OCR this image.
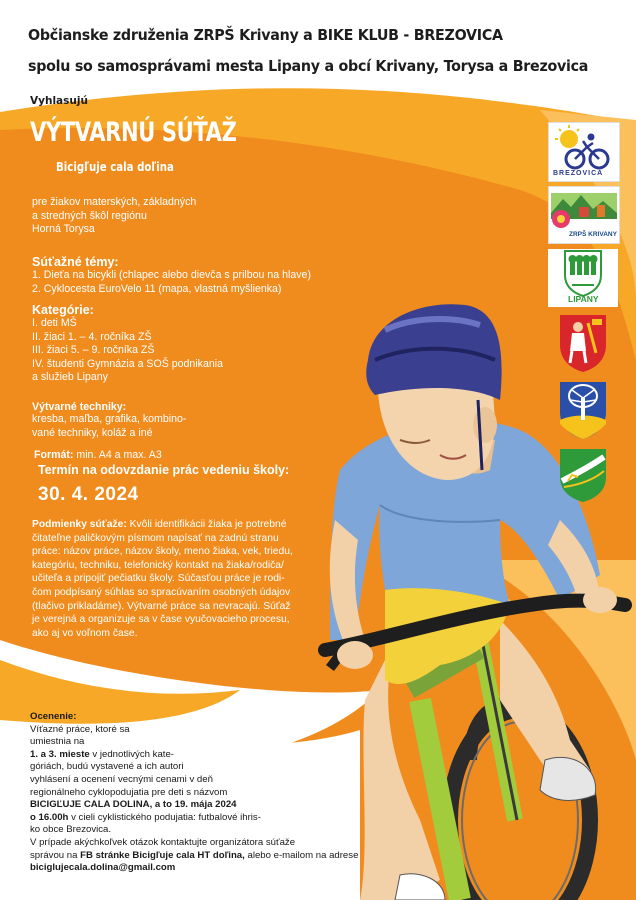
Občianske združenia ZRPŠ Krivany a BIKE KLUB - BREZOVICA
spolu so samosprávami mesta Lipany a obcí Krivany, Torysa a Brezovica
Vyhlasujú
VÝTVARNÚ SÚŤAŽ
Bicigľuje cala doľina
pre žiakov materských, základných
a stredných škôl regiónu
Horná Torysa
Súťažné témy:
1. Dieťa na bicykli (chlapec alebo dievča s prilbou na hlave)
2. Cyklocesta EuroVelo 11 (mapa, vlastná myšlienka)
Kategórie:
I. deti MŠ
II. žiaci 1. – 4. ročníka ZŠ
III. žiaci 5. – 9. ročníka ZŠ
IV. študenti Gymnázia a SOŠ podnikania
a služieb Lipany
Výtvarné techniky:
kresba, maľba, grafika, kombino-
vané techniky, koláž a iné
Formát: min. A4 a max. A3
Termín na odovzdanie prác vedeniu školy:
30. 4. 2024
Podmienky súťaže: Kvôli identifikácii žiaka je potrebné
čitateľne paličkovým písmom napísať na zadnú stranu
práce: názov práce, názov školy, meno žiaka, vek, triedu,
kategóriu, techniku, telefonický kontakt na žiaka/rodiča/
učiteľa a pripojiť pečiatku školy. Súčasťou práce je rodi-
čom podpísaný súhlas so spracúvaním osobných údajov
(tlačivo prikladáme). Výtvarné práce sa nevracajú. Súťaž
je verejná a organizuje sa v čase vyučovacieho procesu,
ako aj vo voľnom čase.
Ocenenie:
Víťazné práce, ktoré sa
umiestnia na
1. a 3. mieste v jednotlivých kate-
góriách, budú vystavené a ich autori
vyhlásení a ocenení vecnými cenami v deň
regionálneho cyklopodujatia pre deti s názvom
BICIGĽUJE CALA DOLINA, a to 19. mája 2024
o 16.00h v cieli cyklistického podujatia: futbalové ihris-
ko obce Brezovica.
V prípade akýchkoľvek otázok kontaktujte organizátora súťaže
správou na FB stránke Bicigľuje cala HT doľina, alebo e-mailom na adrese
biciglujecala.dolina@gmail.com
BREZOVICA
ZRPŠ KRIVANY
LIPANY
